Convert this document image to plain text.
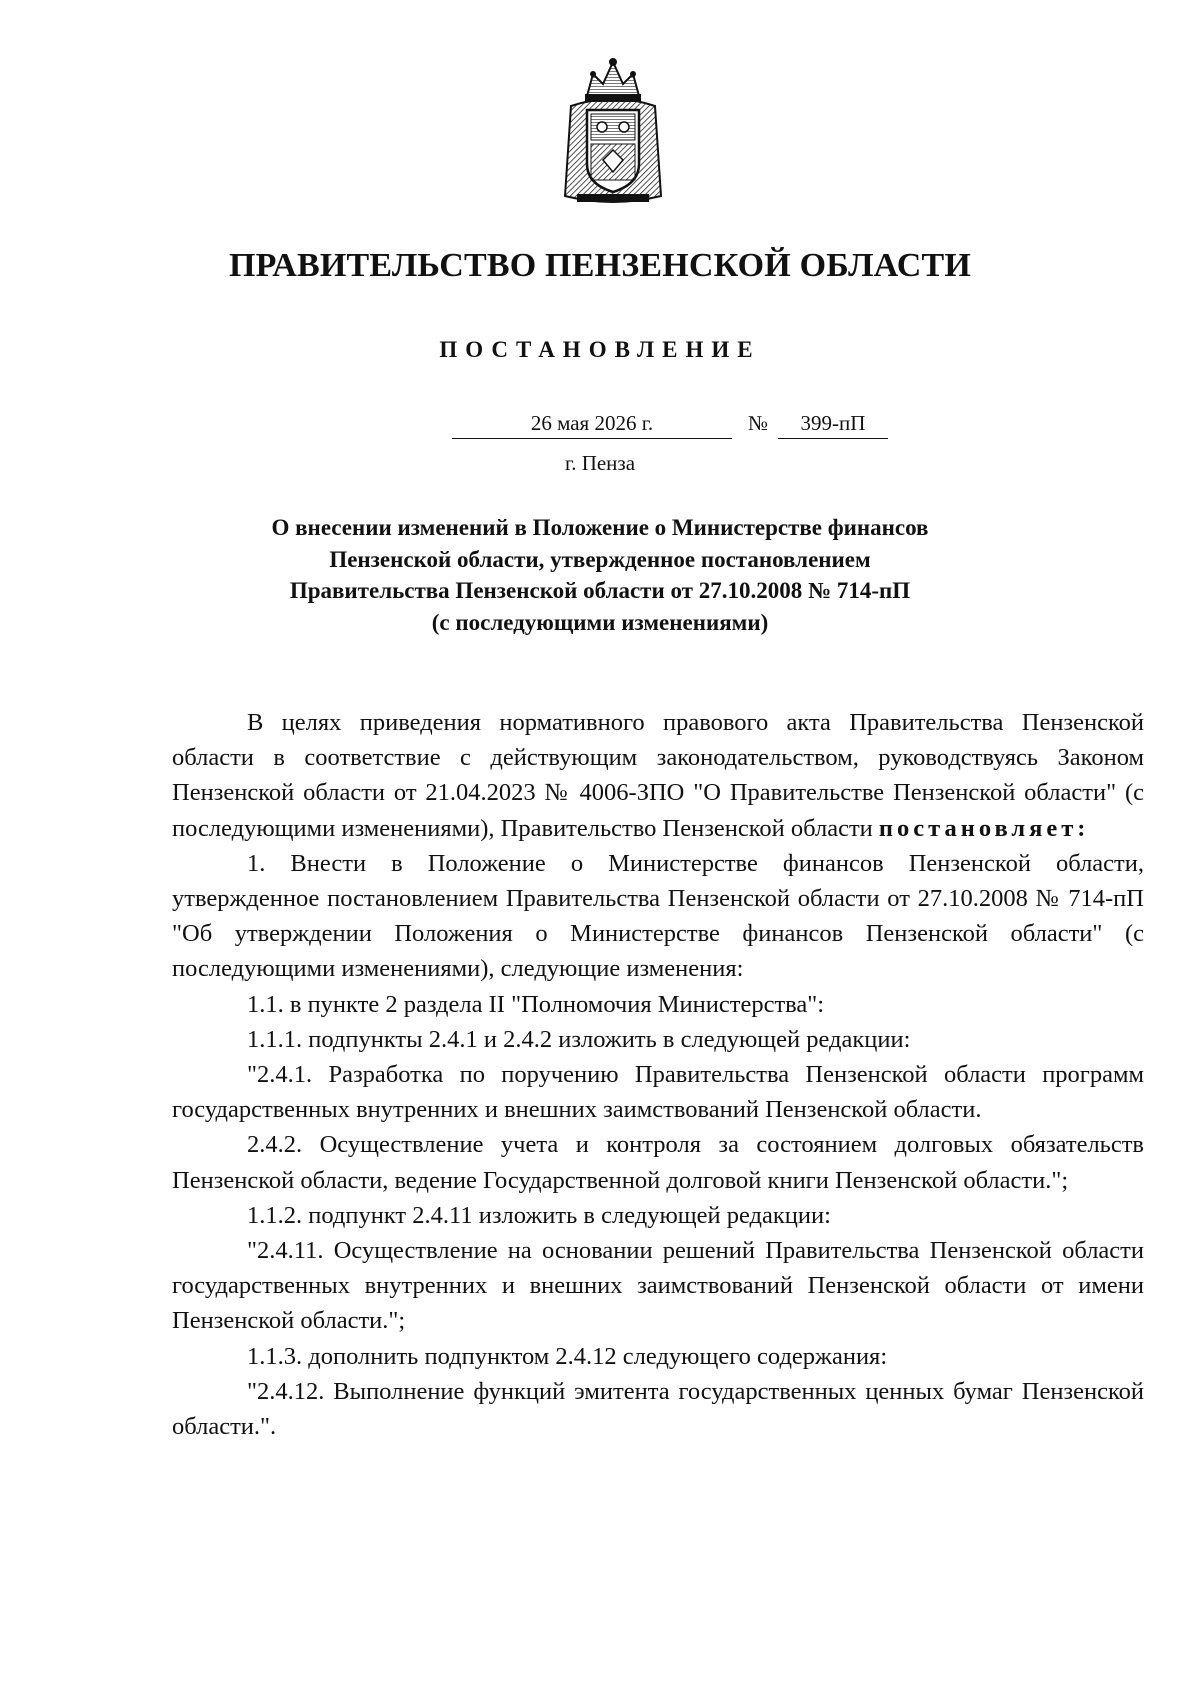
ПРАВИТЕЛЬСТВО ПЕНЗЕНСКОЙ ОБЛАСТИ
ПОСТАНОВЛЕНИЕ
26 мая 2026 г.	№	399-пП
г. Пенза
О внесении изменений в Положение о Министерстве финансов
Пензенской области, утвержденное постановлением
Правительства Пензенской области от 27.10.2008 № 714-пП
(с последующими изменениями)

В целях приведения нормативного правового акта Правительства Пензенской области в соответствие с действующим законодательством, руководствуясь Законом Пензенской области от 21.04.2023 № 4006-ЗПО "О Правительстве Пензенской области" (с последующими изменениями), Правительство Пензенской области постановляет:

1. Внести в Положение о Министерстве финансов Пензенской области, утвержденное постановлением Правительства Пензенской области от 27.10.2008 № 714-пП "Об утверждении Положения о Министерстве финансов Пензенской области" (с последующими изменениями), следующие изменения:

1.1. в пункте 2 раздела II "Полномочия Министерства":

1.1.1. подпункты 2.4.1 и 2.4.2 изложить в следующей редакции:

"2.4.1. Разработка по поручению Правительства Пензенской области программ государственных внутренних и внешних заимствований Пензенской области.

2.4.2. Осуществление учета и контроля за состоянием долговых обязательств Пензенской области, ведение Государственной долговой книги Пензенской области.";

1.1.2. подпункт 2.4.11 изложить в следующей редакции:

"2.4.11. Осуществление на основании решений Правительства Пензенской области государственных внутренних и внешних заимствований Пензенской области от имени Пензенской области.";

1.1.3. дополнить подпунктом 2.4.12 следующего содержания:

"2.4.12. Выполнение функций эмитента государственных ценных бумаг Пензенской области.".
